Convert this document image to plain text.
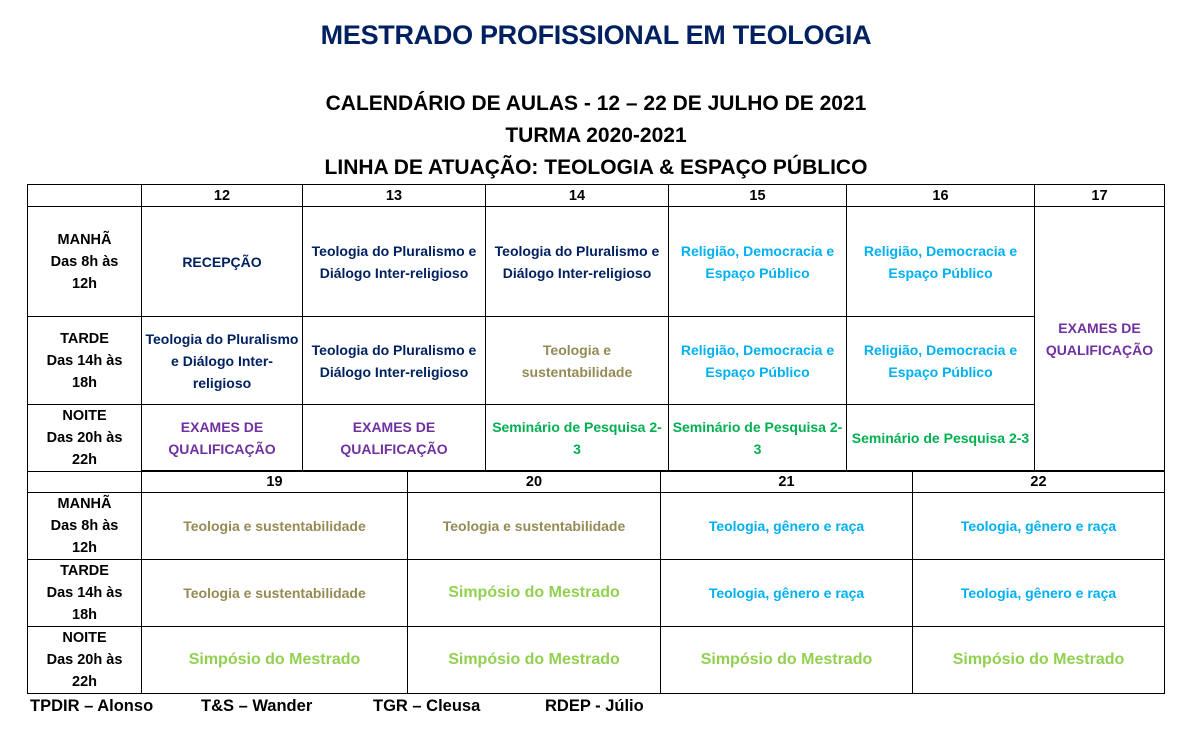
MESTRADO PROFISSIONAL EM TEOLOGIA
CALENDÁRIO DE AULAS - 12 – 22 DE JULHO DE 2021
TURMA 2020-2021
LINHA DE ATUAÇÃO: TEOLOGIA & ESPAÇO PÚBLICO
	12	13	14	15	16	17

MANHÃ
Das 8h às
12h	RECEPÇÃO	Teologia do Pluralismo e Diálogo Inter-religioso	Teologia do Pluralismo e Diálogo Inter-religioso	Religião, Democracia e Espaço Público	Religião, Democracia e Espaço Público	EXAMES DE QUALIFICAÇÃO

TARDE
Das 14h às
18h	Teologia do Pluralismo e Diálogo Inter-religioso	Teologia do Pluralismo e Diálogo Inter-religioso	Teologia e sustentabilidade	Religião, Democracia e Espaço Público	Religião, Democracia e Espaço Público	

NOITE
Das 20h às
22h	EXAMES DE QUALIFICAÇÃO	EXAMES DE QUALIFICAÇÃO	Seminário de Pesquisa 2-3	Seminário de Pesquisa 2-3	Seminário de Pesquisa 2-3	
	19	20	21	22

MANHÃ
Das 8h às
12h	Teologia e sustentabilidade	Teologia e sustentabilidade	Teologia, gênero e raça	Teologia, gênero e raça

TARDE
Das 14h às
18h	Teologia e sustentabilidade	Simpósio do Mestrado	Teologia, gênero e raça	Teologia, gênero e raça

NOITE
Das 20h às
22h	Simpósio do Mestrado	Simpósio do Mestrado	Simpósio do Mestrado	Simpósio do Mestrado
TPDIR – Alonso	T&S – Wander	TGR – Cleusa	RDEP - Júlio
